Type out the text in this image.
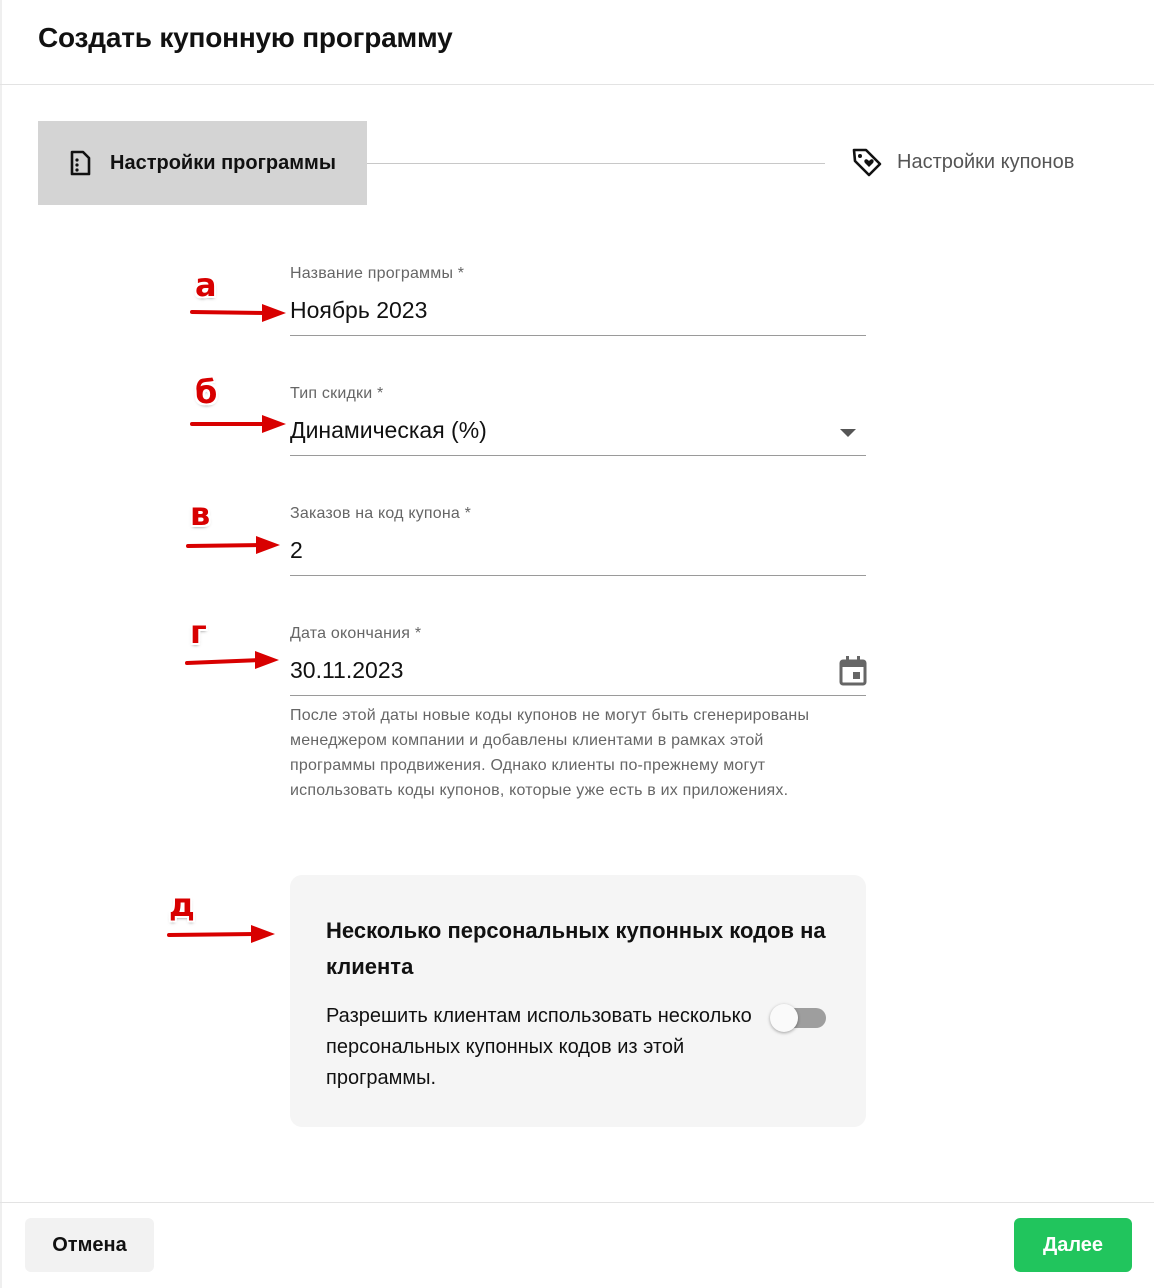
Создать купонную программу
Настройки программы	Настройки купонов
Название программы *
Ноябрь 2023
Тип скидки *
Динамическая (%)
Заказов на код купона *
2
Дата окончания *
30.11.2023

После этой даты новые коды купонов не могут быть сгенерированы менеджером компании и добавлены клиентами в рамках этой программы продвижения. Однако клиенты по-прежнему могут использовать коды купонов, которые уже есть в их приложениях.

Несколько персональных купонных кодов на клиента
Разрешить клиентам использовать несколько персональных купонных кодов из этой программы.
а
б
в
г
д
Отмена	Далее
